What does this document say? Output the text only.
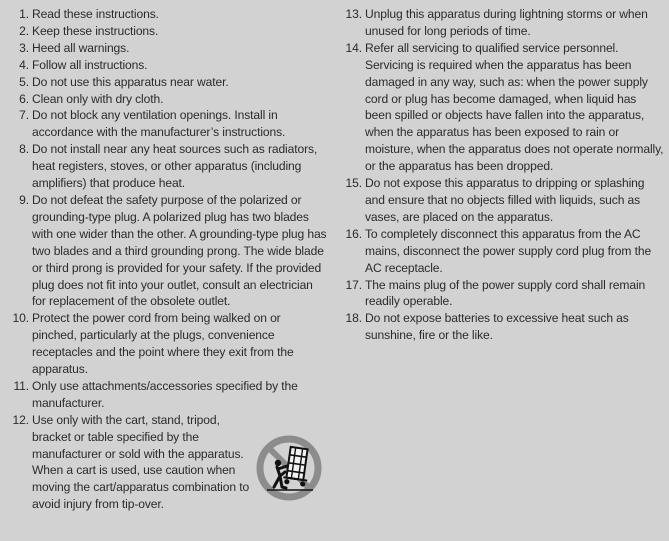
1. Read these instructions.
2. Keep these instructions.
3. Heed all warnings.
4. Follow all instructions.
5. Do not use this apparatus near water.
6. Clean only with dry cloth.
7. Do not block any ventilation openings. Install in accordance with the manufacturer’s instructions.
8. Do not install near any heat sources such as radiators, heat registers, stoves, or other apparatus (including amplifiers) that produce heat.
9. Do not defeat the safety purpose of the polarized or grounding-type plug. A polarized plug has two blades with one wider than the other. A grounding-type plug has two blades and a third grounding prong. The wide blade or third prong is provided for your safety. If the provided plug does not fit into your outlet, consult an electrician for replacement of the obsolete outlet.
10. Protect the power cord from being walked on or pinched, particularly at the plugs, convenience receptacles and the point where they exit from the apparatus.
11. Only use attachments/accessories specified by the manufacturer.
12. Use only with the cart, stand, tripod, bracket or table specified by the manufacturer or sold with the apparatus. When a cart is used, use caution when moving the cart/apparatus combination to avoid injury from tip-over.
13. Unplug this apparatus during lightning storms or when unused for long periods of time.
14. Refer all servicing to qualified service personnel. Servicing is required when the apparatus has been damaged in any way, such as: when the power supply cord or plug has become damaged, when liquid has been spilled or objects have fallen into the apparatus, when the apparatus has been exposed to rain or moisture, when the apparatus does not operate normally, or the apparatus has been dropped.
15. Do not expose this apparatus to dripping or splashing and ensure that no objects filled with liquids, such as vases, are placed on the apparatus.
16. To completely disconnect this apparatus from the AC mains, disconnect the power supply cord plug from the AC receptacle.
17. The mains plug of the power supply cord shall remain readily operable.
18. Do not expose batteries to excessive heat such as sunshine, fire or the like.
